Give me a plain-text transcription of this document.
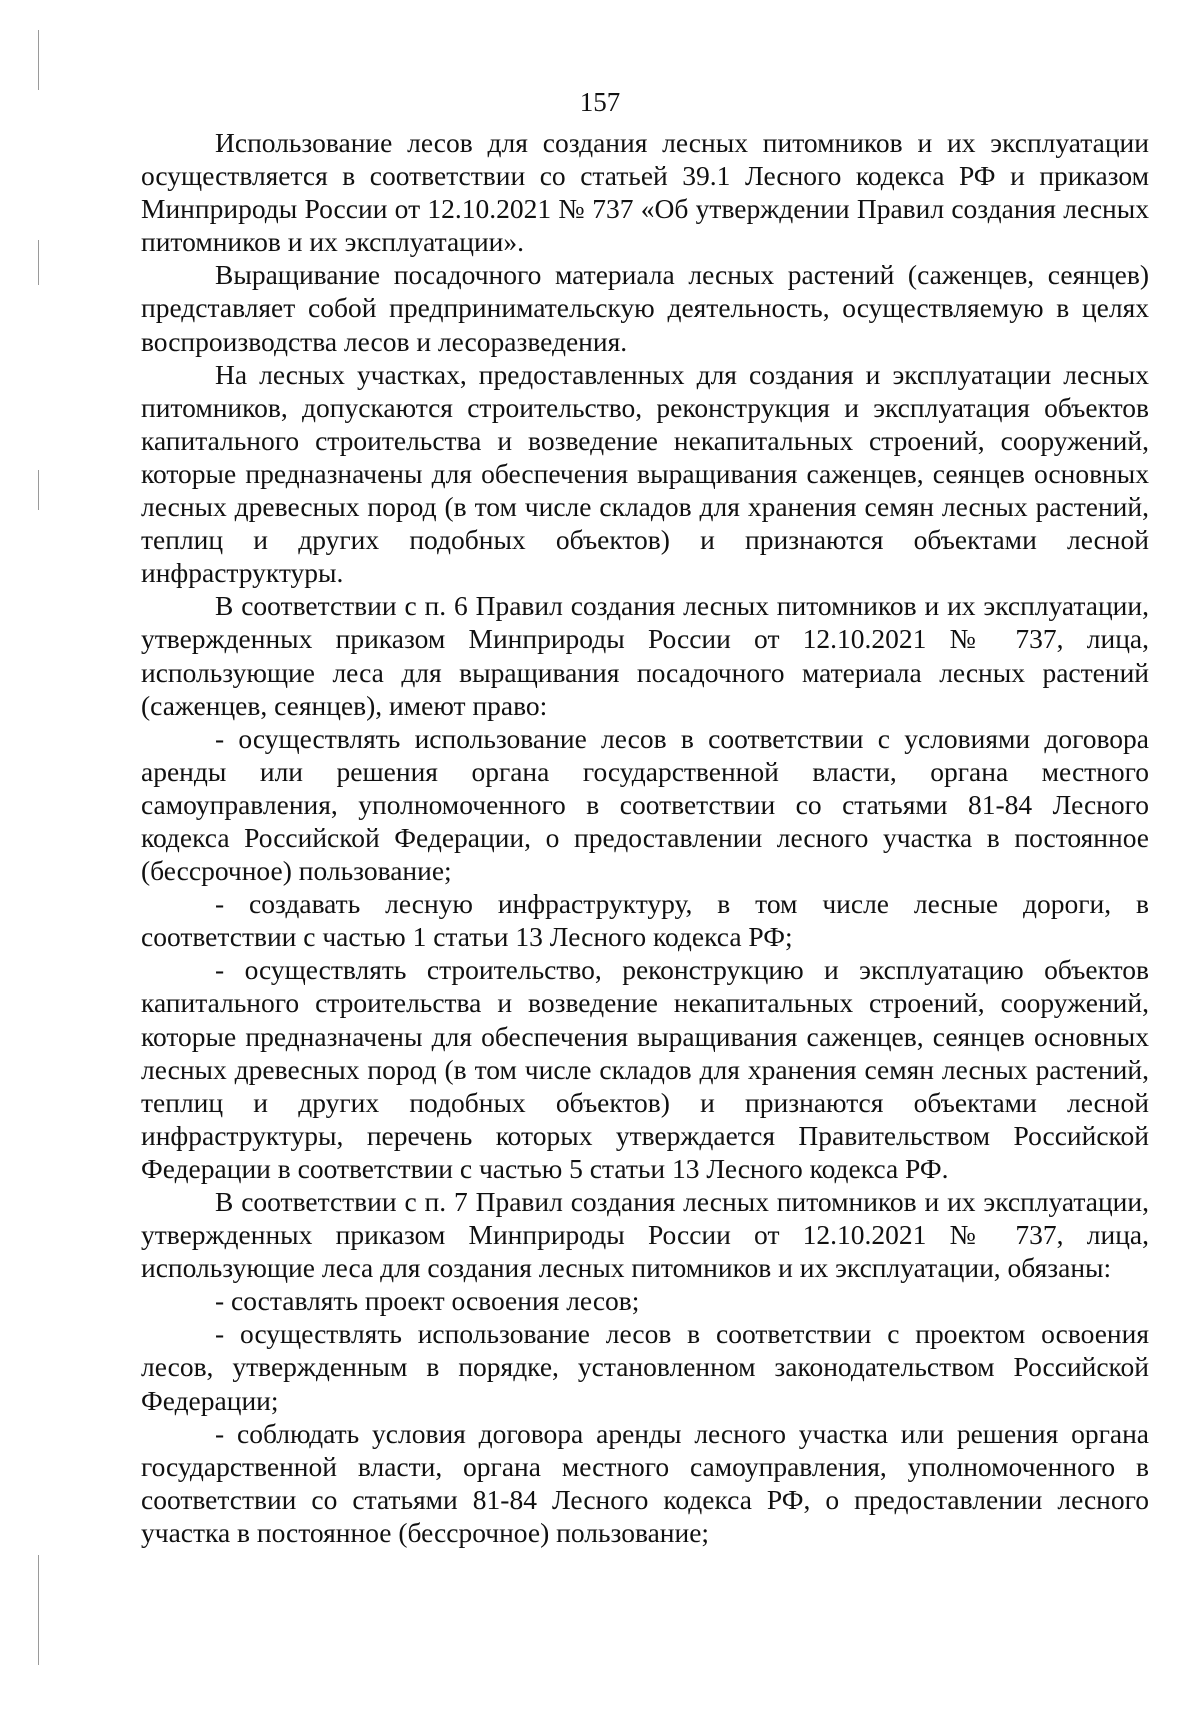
157

Использование лесов для создания лесных питомников и их эксплуатации осуществляется в соответствии со статьей 39.1 Лесного кодекса РФ и приказом Минприроды России от 12.10.2021 № 737 «Об утверждении Правил создания лесных питомников и их эксплуатации».

Выращивание посадочного материала лесных растений (саженцев, сеянцев) представляет собой предпринимательскую деятельность, осуществляемую в целях воспроизводства лесов и лесоразведения.

На лесных участках, предоставленных для создания и эксплуатации лесных питомников, допускаются строительство, реконструкция и эксплуатация объектов капитального строительства и возведение некапитальных строений, сооружений, которые предназначены для обеспечения выращивания саженцев, сеянцев основных лесных древесных пород (в том числе складов для хранения семян лесных растений, теплиц и других подобных объектов) и признаются объектами лесной инфраструктуры.

В соответствии с п. 6 Правил создания лесных питомников и их эксплуатации, утвержденных приказом Минприроды России от 12.10.2021 № 737, лица, использующие леса для выращивания посадочного материала лесных растений (саженцев, сеянцев), имеют право:

- осуществлять использование лесов в соответствии с условиями договора аренды или решения органа государственной власти, органа местного самоуправления, уполномоченного в соответствии со статьями 81-84 Лесного кодекса Российской Федерации, о предоставлении лесного участка в постоянное (бессрочное) пользование;

- создавать лесную инфраструктуру, в том числе лесные дороги, в соответствии с частью 1 статьи 13 Лесного кодекса РФ;

- осуществлять строительство, реконструкцию и эксплуатацию объектов капитального строительства и возведение некапитальных строений, сооружений, которые предназначены для обеспечения выращивания саженцев, сеянцев основных лесных древесных пород (в том числе складов для хранения семян лесных растений, теплиц и других подобных объектов) и признаются объектами лесной инфраструктуры, перечень которых утверждается Правительством Российской Федерации в соответствии с частью 5 статьи 13 Лесного кодекса РФ.

В соответствии с п. 7 Правил создания лесных питомников и их эксплуатации, утвержденных приказом Минприроды России от 12.10.2021 № 737, лица, использующие леса для создания лесных питомников и их эксплуатации, обязаны:

- составлять проект освоения лесов;

- осуществлять использование лесов в соответствии с проектом освоения лесов, утвержденным в порядке, установленном законодательством Российской Федерации;

- соблюдать условия договора аренды лесного участка или решения органа государственной власти, органа местного самоуправления, уполномоченного в соответствии со статьями 81-84 Лесного кодекса РФ, о предоставлении лесного участка в постоянное (бессрочное) пользование;
